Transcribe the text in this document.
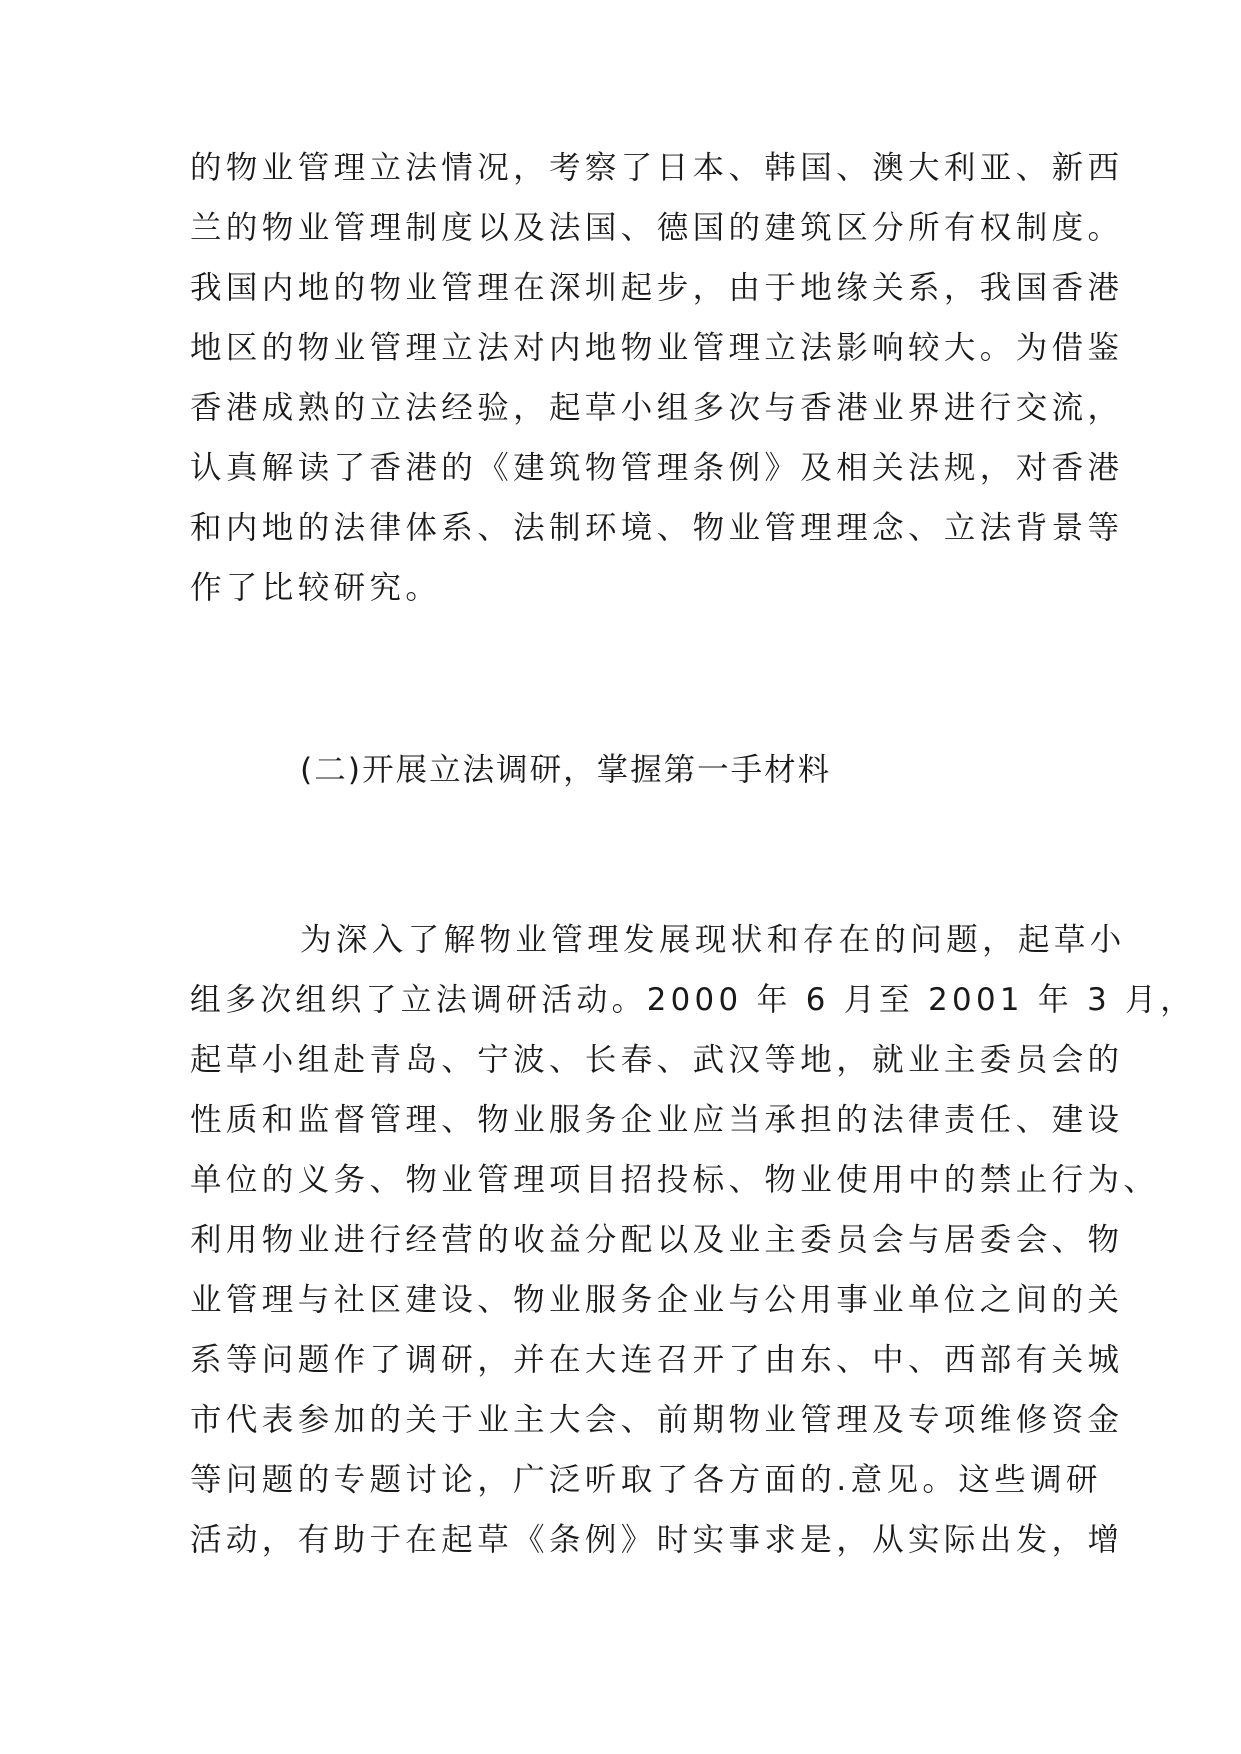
的物业管理立法情况，考察了日本、韩国、澳大利亚、新西
兰的物业管理制度以及法国、德国的建筑区分所有权制度。
我国内地的物业管理在深圳起步，由于地缘关系，我国香港
地区的物业管理立法对内地物业管理立法影响较大。为借鉴
香港成熟的立法经验，起草小组多次与香港业界进行交流，
认真解读了香港的《建筑物管理条例》及相关法规，对香港
和内地的法律体系、法制环境、物业管理理念、立法背景等
作了比较研究。
(二)开展立法调研，掌握第一手材料
为深入了解物业管理发展现状和存在的问题，起草小
组多次组织了立法调研活动。2000 年 6 月至 2001 年 3 月，
起草小组赴青岛、宁波、长春、武汉等地，就业主委员会的
性质和监督管理、物业服务企业应当承担的法律责任、建设
单位的义务、物业管理项目招投标、物业使用中的禁止行为、
利用物业进行经营的收益分配以及业主委员会与居委会、物
业管理与社区建设、物业服务企业与公用事业单位之间的关
系等问题作了调研，并在大连召开了由东、中、西部有关城
市代表参加的关于业主大会、前期物业管理及专项维修资金
等问题的专题讨论，广泛听取了各方面的.意见。这些调研
活动，有助于在起草《条例》时实事求是，从实际出发，增
